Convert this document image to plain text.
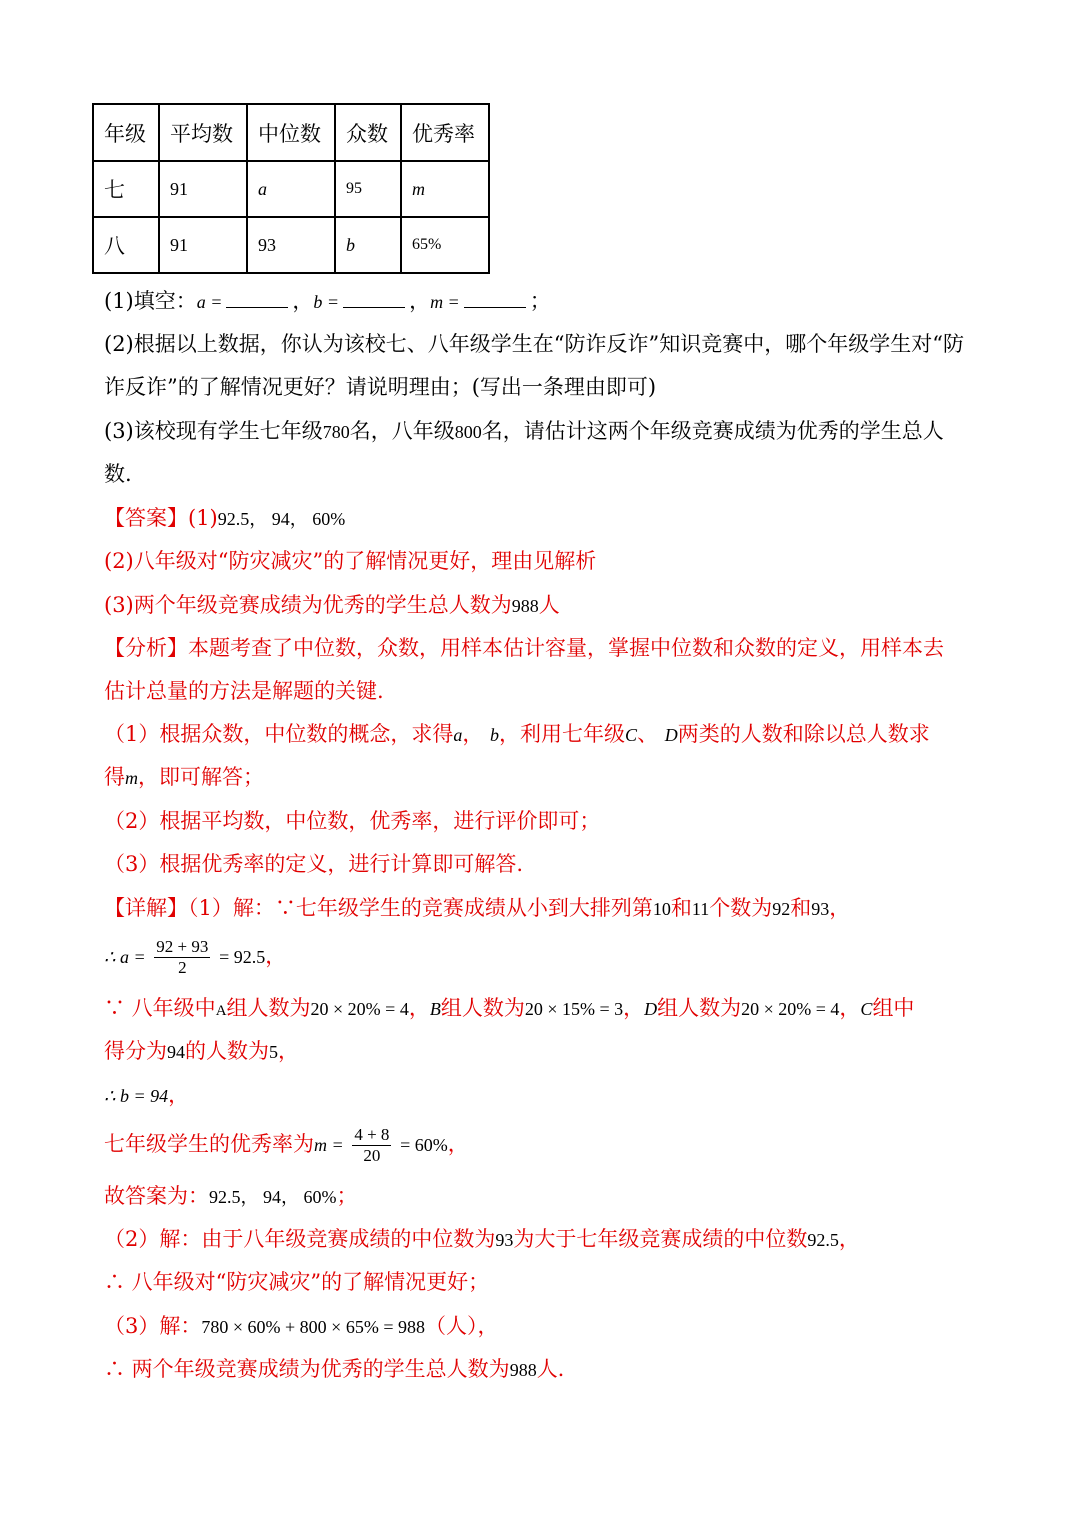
年级	平均数	中位数	众数	优秀率
七	91	a	95	m
八	91	93	b	65%
(1)填空：a =	，b =	，m =	；
(2)根据以上数据，你认为该校七、八年级学生在“防诈反诈”知识竞赛中，哪个年级学生对“防
诈反诈”的了解情况更好？请说明理由；(写出一条理由即可)
(3)该校现有学生七年级780名，八年级800名，请估计这两个年级竞赛成绩为优秀的学生总人
数.
【答案】(1)92.5， 94， 60%
(2)八年级对“防灾减灾”的了解情况更好，理由见解析
(3)两个年级竞赛成绩为优秀的学生总人数为988人
【分析】本题考查了中位数，众数，用样本估计容量，掌握中位数和众数的定义，用样本去
估计总量的方法是解题的关键.
（1）根据众数，中位数的概念，求得a， b，利用七年级C、 D两类的人数和除以总人数求
得m，即可解答；
（2）根据平均数，中位数，优秀率，进行评价即可；
（3）根据优秀率的定义，进行计算即可解答.
【详解】（1）解：∵七年级学生的竞赛成绩从小到大排列第10和11个数为92和93，
∴ $a = \frac{92 + 93}{2} = 92.5$，
∵ 八年级中A组人数为20 × 20% = 4，B组人数为20 × 15% = 3，D组人数为20 × 20% = 4，C组中
得分为94的人数为5，
∴ b = 94，
七年级学生的优秀率为$m = \frac{4 + 8}{20} = 60\%$，
故答案为：92.5， 94， 60%；
（2）解：由于八年级竞赛成绩的中位数为93为大于七年级竞赛成绩的中位数92.5，
∴ 八年级对“防灾减灾”的了解情况更好；
（3）解：780 × 60% + 800 × 65% = 988（人），
∴ 两个年级竞赛成绩为优秀的学生总人数为988人.
